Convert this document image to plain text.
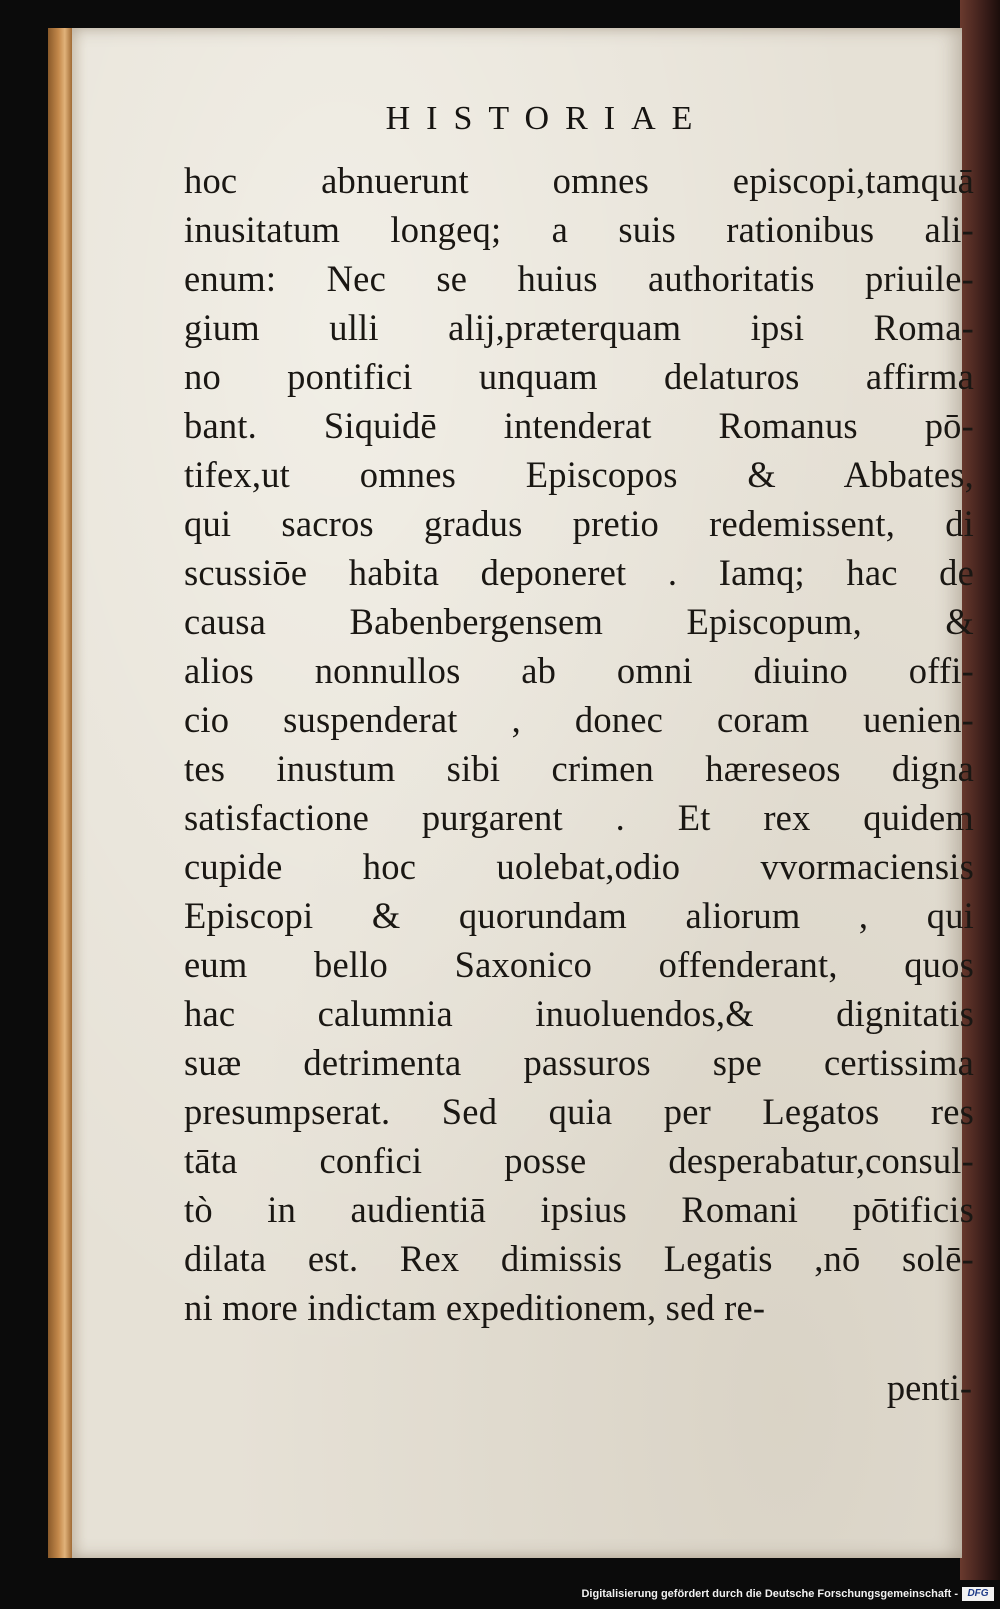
HISTORIAE
hoc abnuerunt omnes episcopi,tamquā
inusitatum longeq; a suis rationibus ali-
enum: Nec se huius authoritatis priuile-
gium ulli alij,præterquam ipsi Roma-
no pontifici unquam delaturos affirma
bant. Siquidē intenderat Romanus pō-
tifex,ut omnes Episcopos & Abbates,
qui sacros gradus pretio redemissent, di
scussiōe habita deponeret . Iamq; hac de
causa Babenbergensem Episcopum, &
alios nonnullos ab omni diuino offi-
cio suspenderat , donec coram uenien-
tes inustum sibi crimen hæreseos digna
satisfactione purgarent . Et rex quidem
cupide hoc uolebat,odio vvormaciensis
Episcopi & quorundam aliorum , qui
eum bello Saxonico offenderant, quos
hac calumnia inuoluendos,& dignitatis
suæ detrimenta passuros spe certissima
presumpserat. Sed quia per Legatos res
tāta confici posse desperabatur,consul-
tò in audientiā ipsius Romani pōtificis
dilata est. Rex dimissis Legatis ,nō solē-
ni more indictam expeditionem, sed re-
penti-
Digitalisierung gefördert durch die Deutsche Forschungsgemeinschaft - DFG
